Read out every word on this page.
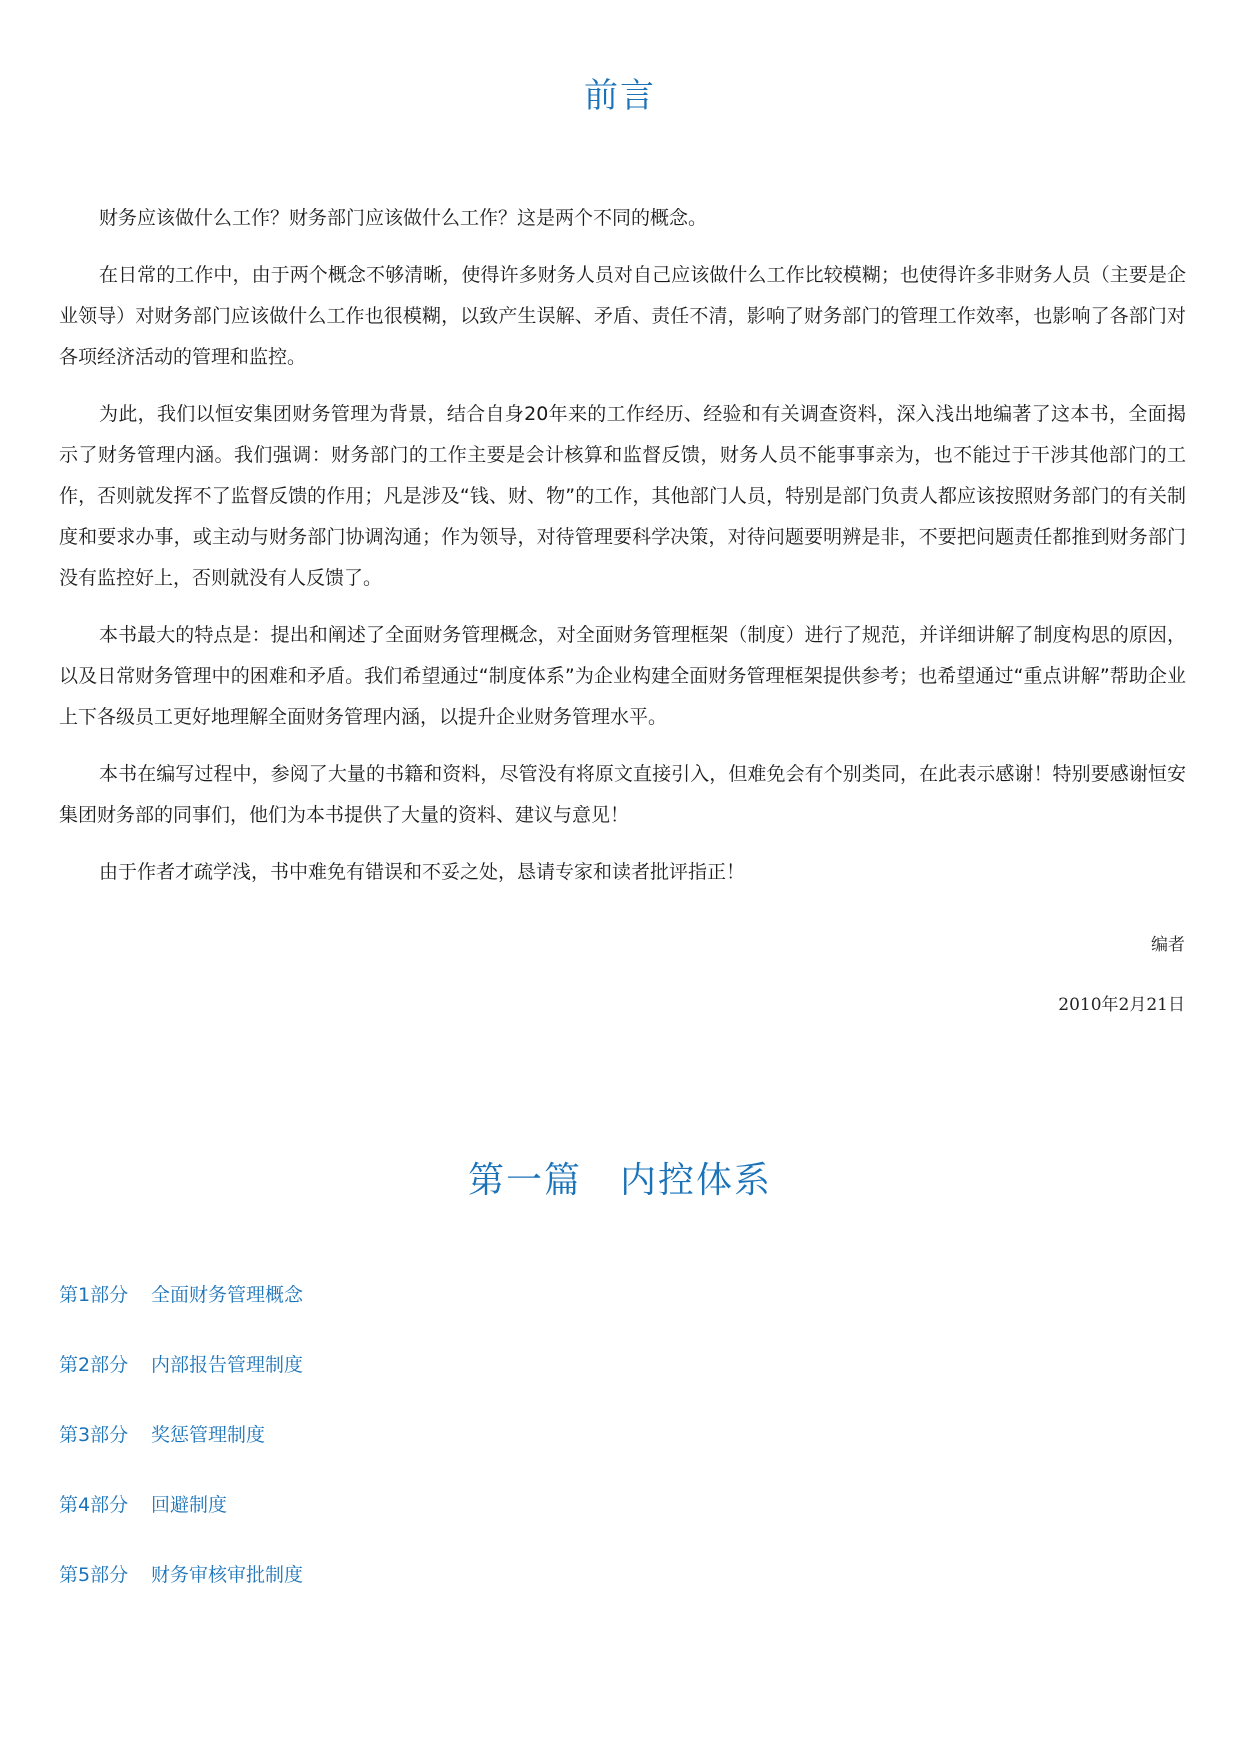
前言

财务应该做什么工作？财务部门应该做什么工作？这是两个不同的概念。

在日常的工作中，由于两个概念不够清晰，使得许多财务人员对自己应该做什么工作比较模糊；也使得许多非财务人员（主要是企业领导）对财务部门应该做什么工作也很模糊，以致产生误解、矛盾、责任不清，影响了财务部门的管理工作效率，也影响了各部门对各项经济活动的管理和监控。

为此，我们以恒安集团财务管理为背景，结合自身20年来的工作经历、经验和有关调查资料，深入浅出地编著了这本书，全面揭示了财务管理内涵。我们强调：财务部门的工作主要是会计核算和监督反馈，财务人员不能事事亲为，也不能过于干涉其他部门的工作，否则就发挥不了监督反馈的作用；凡是涉及“钱、财、物”的工作，其他部门人员，特别是部门负责人都应该按照财务部门的有关制度和要求办事，或主动与财务部门协调沟通；作为领导，对待管理要科学决策，对待问题要明辨是非，不要把问题责任都推到财务部门没有监控好上，否则就没有人反馈了。

本书最大的特点是：提出和阐述了全面财务管理概念，对全面财务管理框架（制度）进行了规范，并详细讲解了制度构思的原因，以及日常财务管理中的困难和矛盾。我们希望通过“制度体系”为企业构建全面财务管理框架提供参考；也希望通过“重点讲解”帮助企业上下各级员工更好地理解全面财务管理内涵，以提升企业财务管理水平。

本书在编写过程中，参阅了大量的书籍和资料，尽管没有将原文直接引入，但难免会有个别类同，在此表示感谢！特别要感谢恒安集团财务部的同事们，他们为本书提供了大量的资料、建议与意见！

由于作者才疏学浅，书中难免有错误和不妥之处，恳请专家和读者批评指正！

编者
2010年2月21日
第一篇　内控体系
第1部分 全面财务管理概念
第2部分 内部报告管理制度
第3部分 奖惩管理制度
第4部分 回避制度
第5部分 财务审核审批制度
